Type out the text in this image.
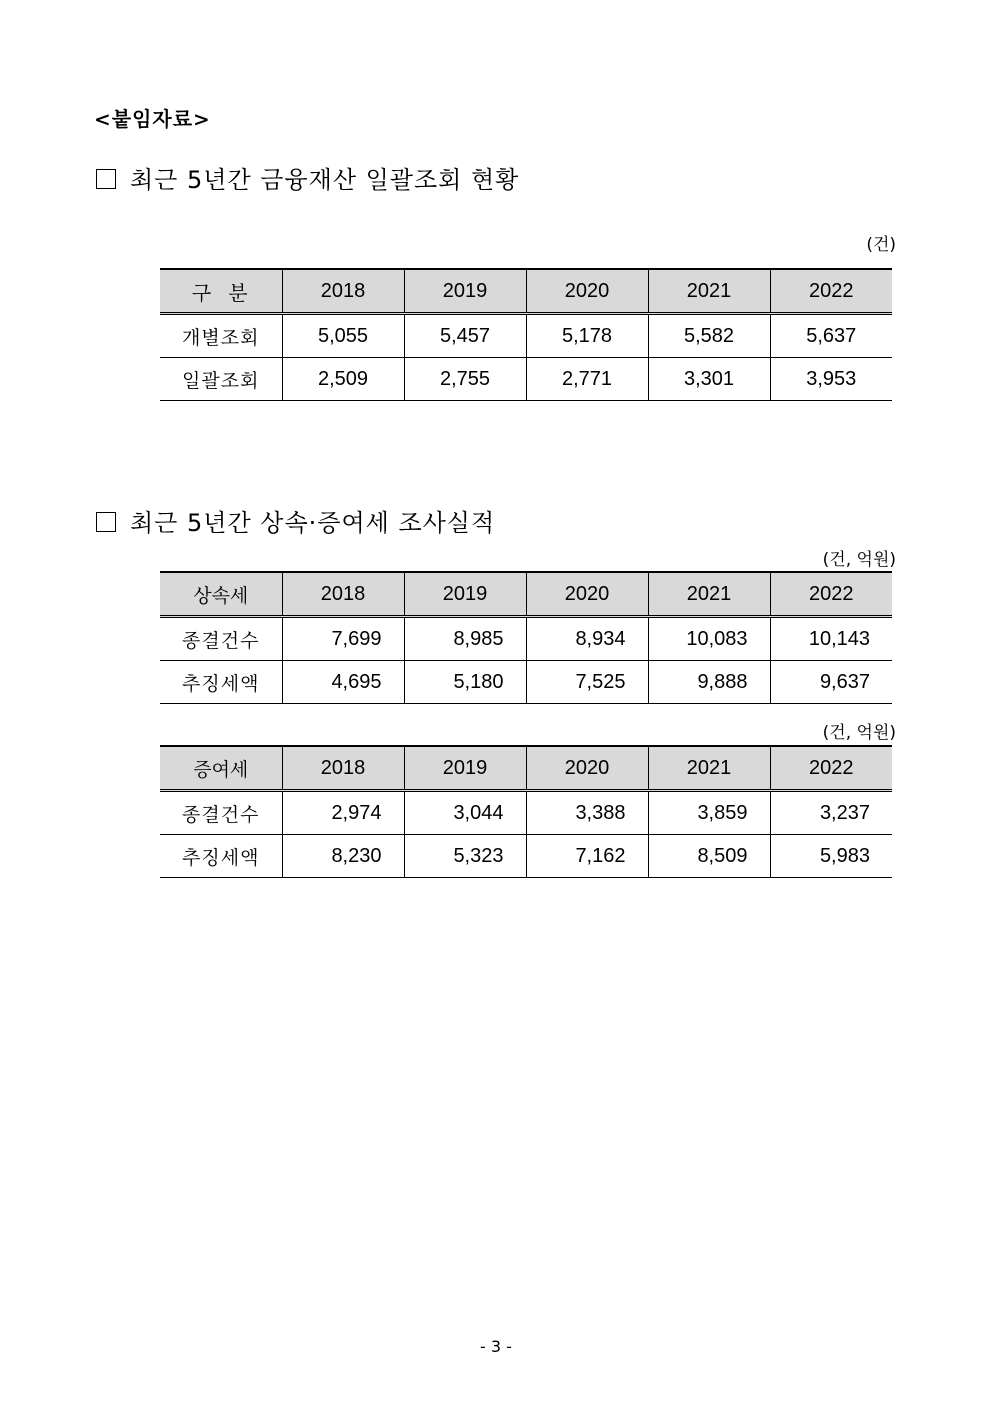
<붙임자료>
최근 5년간 금융재산 일괄조회 현황
(건)
구  분	2018	2019	2020	2021	2022
개별조회	5,055	5,457	5,178	5,582	5,637
일괄조회	2,509	2,755	2,771	3,301	3,953
최근 5년간 상속·증여세 조사실적
(건, 억원)
상속세	2018	2019	2020	2021	2022
종결건수	7,699	8,985	8,934	10,083	10,143
추징세액	4,695	5,180	7,525	9,888	9,637
(건, 억원)
증여세	2018	2019	2020	2021	2022
종결건수	2,974	3,044	3,388	3,859	3,237
추징세액	8,230	5,323	7,162	8,509	5,983
- 3 -
